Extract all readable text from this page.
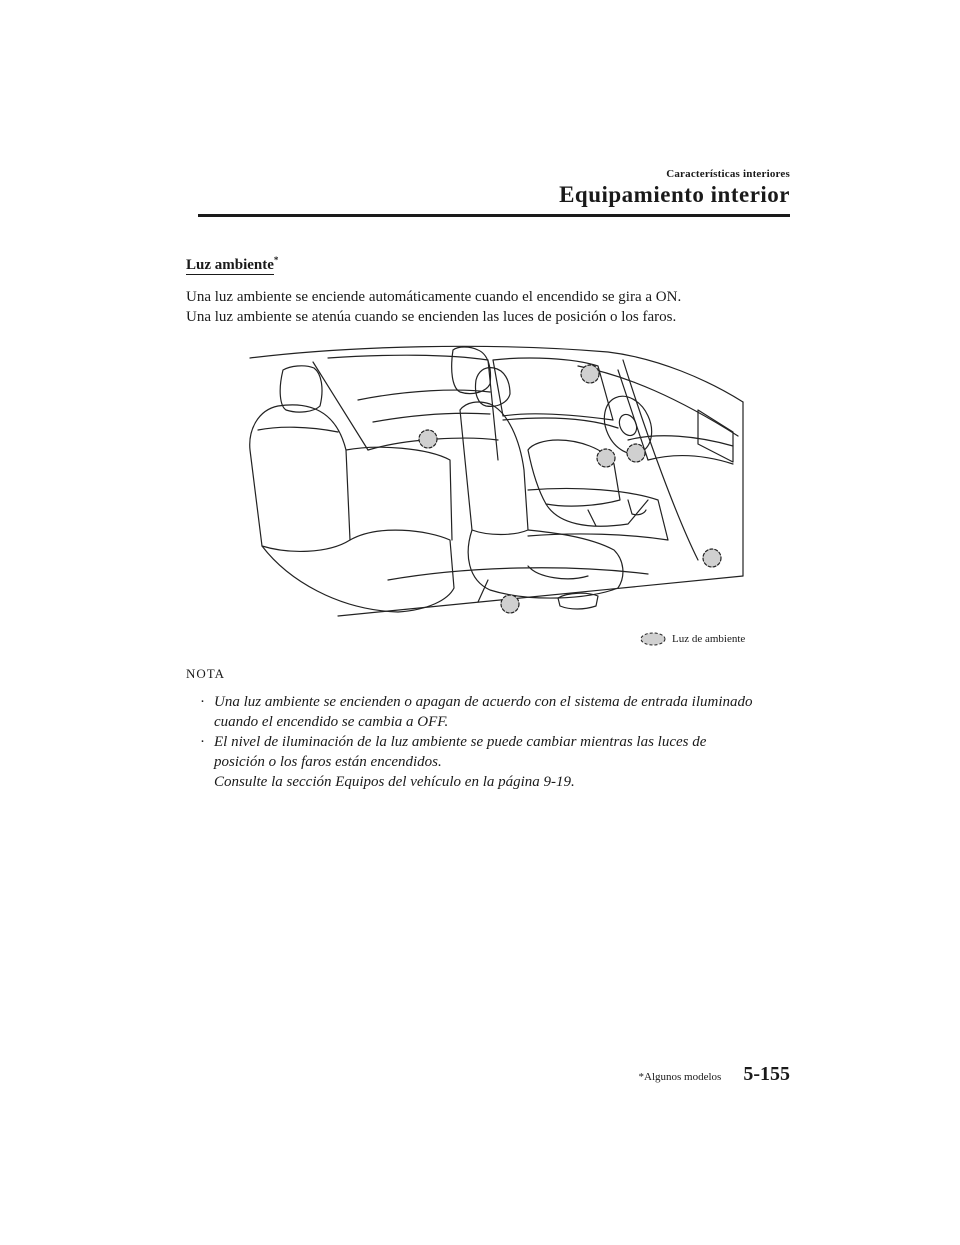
Características interiores
Equipamiento interior
Luz ambiente*

Una luz ambiente se enciende automáticamente cuando el encendido se gira a ON.

Una luz ambiente se atenúa cuando se encienden las luces de posición o los faros.

Luz de ambiente
NOTA
· Una luz ambiente se encienden o apagan de acuerdo con el sistema de entrada iluminado
cuando el encendido se cambia a OFF.
· El nivel de iluminación de la luz ambiente se puede cambiar mientras las luces de
posición o los faros están encendidos.
Consulte la sección Equipos del vehículo en la página 9-19.
*Algunos modelos 5-155
